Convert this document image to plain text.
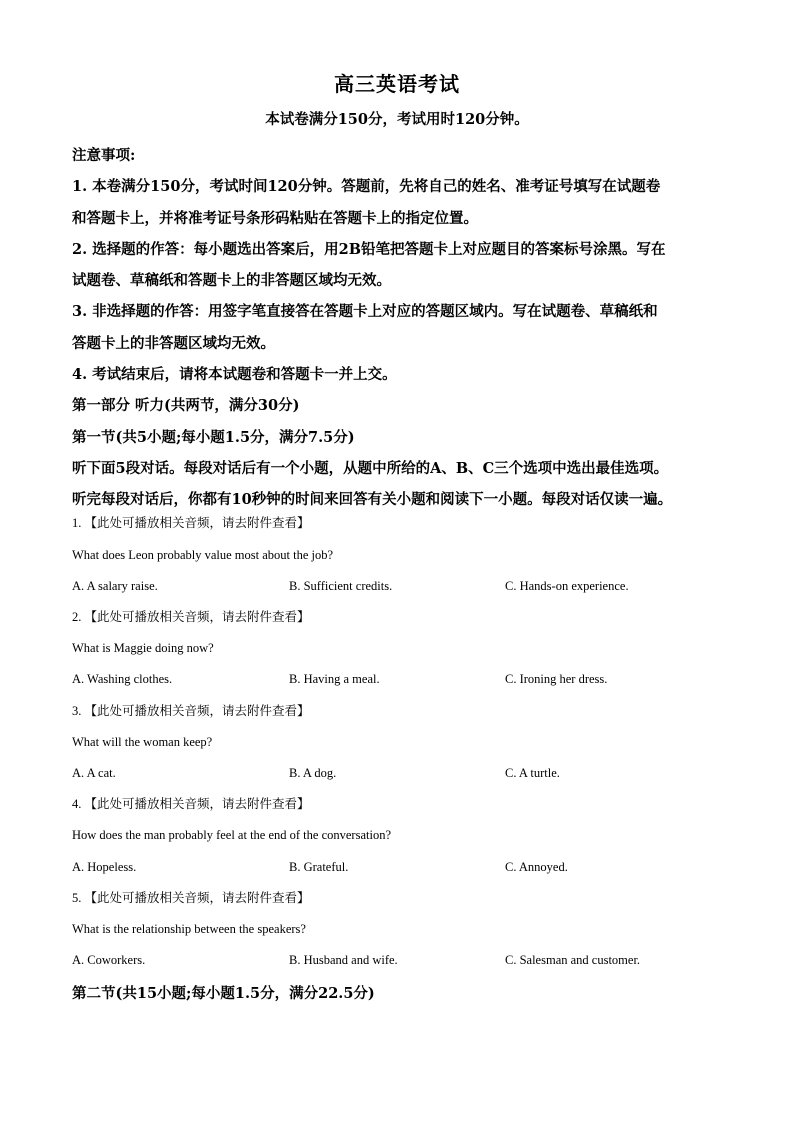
高三英语考试
本试卷满分150分，考试用时120分钟。

注意事项:

1. 本卷满分150分，考试时间120分钟。答题前，先将自己的姓名、准考证号填写在试题卷

和答题卡上，并将准考证号条形码粘贴在答题卡上的指定位置。

2. 选择题的作答：每小题选出答案后，用2B铅笔把答题卡上对应题目的答案标号涂黑。写在

试题卷、草稿纸和答题卡上的非答题区域均无效。

3. 非选择题的作答：用签字笔直接答在答题卡上对应的答题区域内。写在试题卷、草稿纸和

答题卡上的非答题区域均无效。

4. 考试结束后，请将本试题卷和答题卡一并上交。

第一部分 听力(共两节，满分30分)

第一节(共5小题;每小题1.5分，满分7.5分)

听下面5段对话。每段对话后有一个小题，从题中所给的A、B、C三个选项中选出最佳选项。

听完每段对话后，你都有10秒钟的时间来回答有关小题和阅读下一小题。每段对话仅读一遍。

1. 【此处可播放相关音频，请去附件查看】
What does Leon probably value most about the job?
A. A salary raise.	B. Sufficient credits.	C. Hands-on experience.
2. 【此处可播放相关音频，请去附件查看】
What is Maggie doing now?
A. Washing clothes.	B. Having a meal.	C. Ironing her dress.
3. 【此处可播放相关音频，请去附件查看】
What will the woman keep?
A. A cat.	B. A dog.	C. A turtle.
4. 【此处可播放相关音频，请去附件查看】
How does the man probably feel at the end of the conversation?
A. Hopeless.	B. Grateful.	C. Annoyed.
5. 【此处可播放相关音频，请去附件查看】
What is the relationship between the speakers?
A. Coworkers.	B. Husband and wife.	C. Salesman and customer.
第二节(共15小题;每小题1.5分，满分22.5分)
